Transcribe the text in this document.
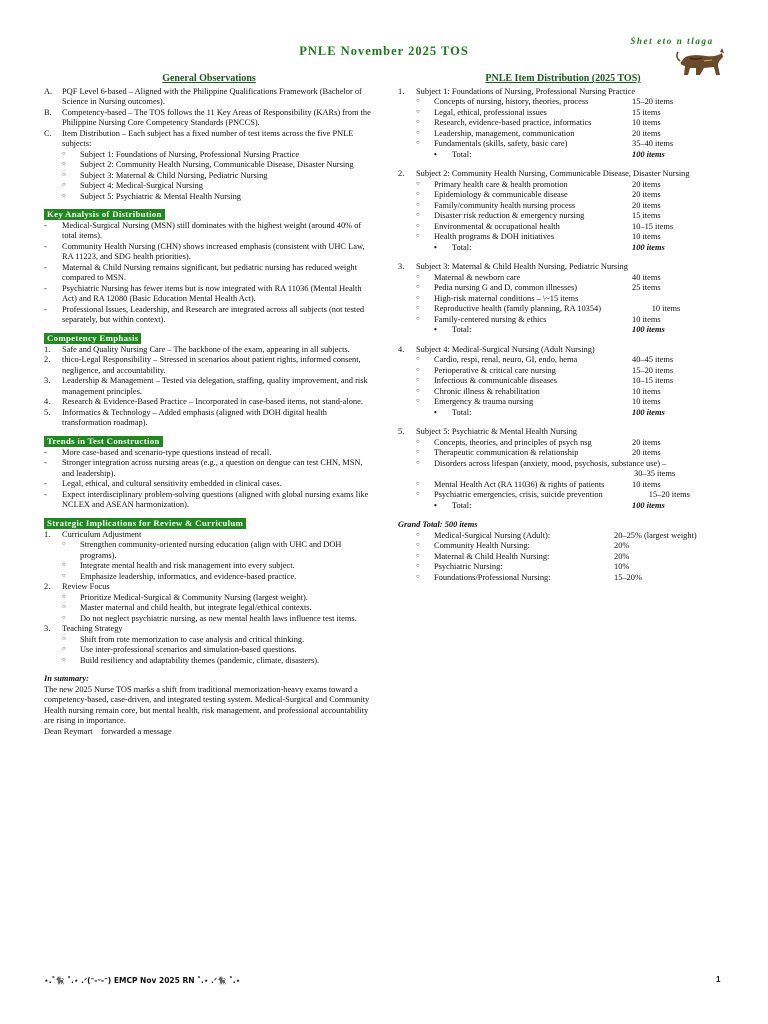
Shet eto n tlaga
PNLE November 2025 TOS
General Observations
A.	PQF Level 6-based – Aligned with the Philippine Qualifications Framework (Bachelor of Science in Nursing outcomes).
B.	Competency-based – The TOS follows the 11 Key Areas of Responsibility (KARs) from the Philippine Nursing Core Competency Standards (PNCCS).
C.	Item Distribution – Each subject has a fixed number of test items across the five PNLE subjects:
○	Subject 1: Foundations of Nursing, Professional Nursing Practice
○	Subject 2: Community Health Nursing, Communicable Disease, Disaster Nursing
○	Subject 3: Maternal & Child Nursing, Pediatric Nursing
○	Subject 4: Medical-Surgical Nursing
○	Subject 5: Psychiatric & Mental Health Nursing
Key Analysis of Distribution
-	Medical-Surgical Nursing (MSN) still dominates with the highest weight (around 40% of total items).
-	Community Health Nursing (CHN) shows increased emphasis (consistent with UHC Law, RA 11223, and SDG health priorities).
-	Maternal & Child Nursing remains significant, but pediatric nursing has reduced weight compared to MSN.
-	Psychiatric Nursing has fewer items but is now integrated with RA 11036 (Mental Health Act) and RA 12080 (Basic Education Mental Health Act).
-	Professional Issues, Leadership, and Research are integrated across all subjects (not tested separately, but within context).
Competency Emphasis
1.	Safe and Quality Nursing Care – The backbone of the exam, appearing in all subjects.
2.	thico-Legal Responsibility – Stressed in scenarios about patient rights, informed consent, negligence, and accountability.
3.	Leadership & Management – Tested via delegation, staffing, quality improvement, and risk management principles.
4.	Research & Evidence-Based Practice – Incorporated in case-based items, not stand-alone.
5.	Informatics & Technology – Added emphasis (aligned with DOH digital health transformation roadmap).
Trends in Test Construction
-	More case-based and scenario-type questions instead of recall.
-	Stronger integration across nursing areas (e.g., a question on dengue can test CHN, MSN, and leadership).
-	Legal, ethical, and cultural sensitivity embedded in clinical cases.
-	Expect interdisciplinary problem-solving questions (aligned with global nursing exams like NCLEX and ASEAN harmonization).
Strategic Implications for Review & Curriculum
1.	Curriculum Adjustment
○	Strengthen community-oriented nursing education (align with UHC and DOH programs).
○	Integrate mental health and risk management into every subject.
○	Emphasize leadership, informatics, and evidence-based practice.
2.	Review Focus
○	Prioritize Medical-Surgical & Community Nursing (largest weight).
○	Master maternal and child health, but integrate legal/ethical contexts.
○	Do not neglect psychiatric nursing, as new mental health laws influence test items.
3.	Teaching Strategy
○	Shift from rote memorization to case analysis and critical thinking.
○	Use inter-professional scenarios and simulation-based questions.
○	Build resiliency and adaptability themes (pandemic, climate, disasters).
In summary:
The new 2025 Nurse TOS marks a shift from traditional memorization-heavy exams toward a competency-based, case-driven, and integrated testing system. Medical-Surgical and Community Health nursing remain core, but mental health, risk management, and professional accountability are rising in importance.
Dean Reymart    forwarded a message
PNLE Item Distribution (2025 TOS)
1.	Subject 1: Foundations of Nursing, Professional Nursing Practice
○	Concepts of nursing, history, theories, process	15–20 items
○	Legal, ethical, professional issues	15 items
○	Research, evidence-based practice, informatics	10 items
○	Leadership, management, communication	20 items
○	Fundamentals (skills, safety, basic care)	35–40 items
•	Total:	100 items
2.	Subject 2: Community Health Nursing, Communicable Disease, Disaster Nursing
○	Primary health care & health promotion	20 items
○	Epidemiology & communicable disease	20 items
○	Family/community health nursing process	20 items
○	Disaster risk reduction & emergency nursing	15 items
○	Environmental & occupational health	10–15 items
○	Health programs & DOH initiatives	10 items
•	Total:	100 items
3.	Subject 3: Maternal & Child Health Nursing, Pediatric Nursing
○	Maternal & newborn care	40 items
○	Pedia nursing G and D, common illnesses)	25 items
○	High-risk maternal conditions – \~15 items
○	Reproductive health (family planning, RA 10354)	10 items
○	Family-centered nursing & ethics	10 items
•	Total:	100 items
4.	Subject 4: Medical-Surgical Nursing (Adult Nursing)
○	Cardio, respi, renal, neuro, GI, endo, hema	40–45 items
○	Perioperative & critical care nursing	15–20 items
○	Infectious & communicable diseases	10–15 items
○	Chronic illness & rehabilitation	10 items
○	Emergency & trauma nursing	10 items
•	Total:	100 items
5.	Subject 5: Psychiatric & Mental Health Nursing
○	Concepts, theories, and principles of psych nsg	20 items
○	Therapeutic communication & relationship	20 items
○	Disorders across lifespan (anxiety, mood, psychosis, substance use) –
30–35 items
○	Mental Health Act (RA 11036) & rights of patients	10 items
○	Psychiatric emergencies, crisis, suicide prevention	15–20 items
•	Total:	100 items
Grand Total: 500 items
○	Medical-Surgical Nursing (Adult):	20–25% (largest weight)
○	Community Health Nursing:	20%
○	Maternal & Child Health Nursing:	20%
○	Psychiatric Nursing:	10%
○	Foundations/Professional Nursing:	15–20%
⋆.˚🐈‍⬛ ˚.⋆ .ᐟ(ᵔ-ᵕ-ᵔ) EMCP Nov 2025 RN ˚.⋆ .ᐟ🐈‍⬛ ˚.⋆	1
